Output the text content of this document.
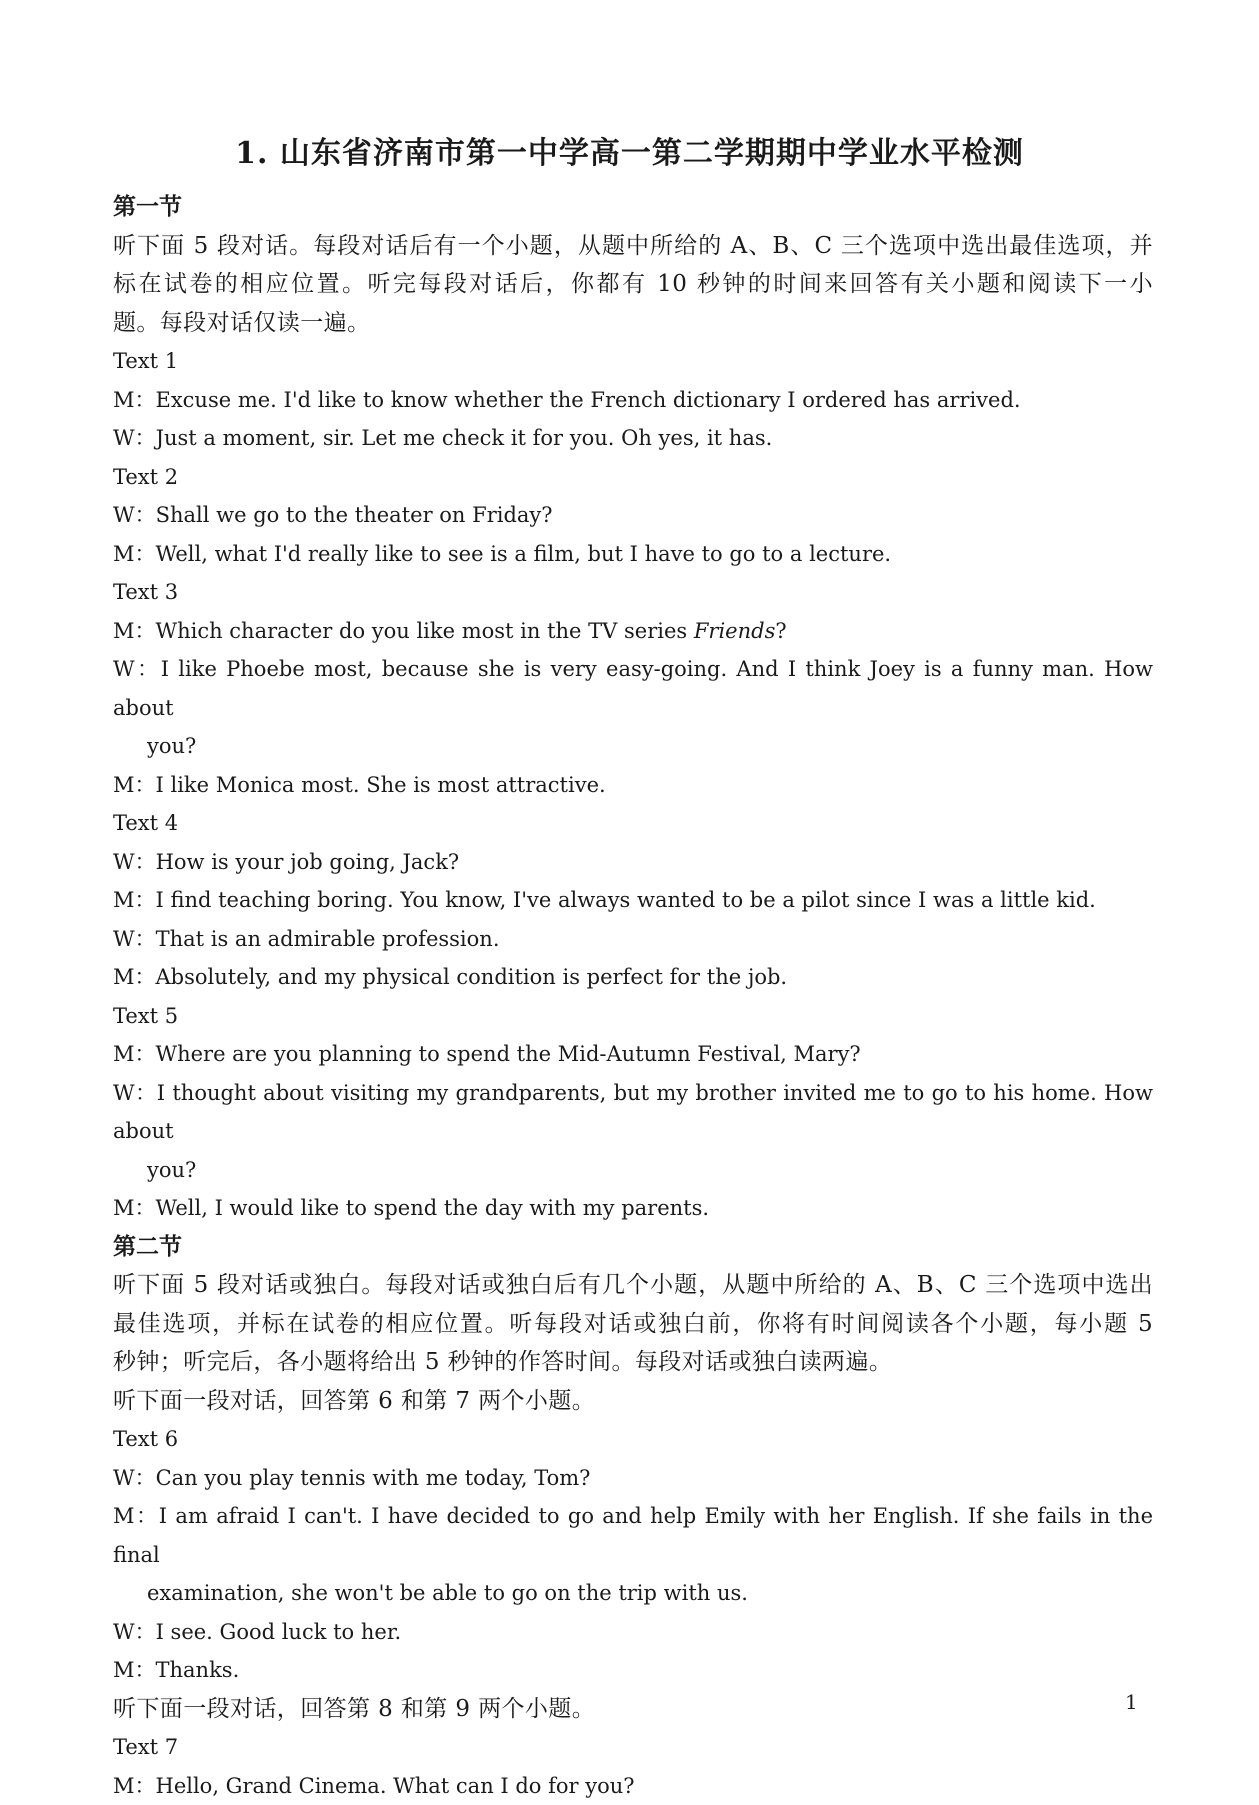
1. 山东省济南市第一中学高一第二学期期中学业水平检测
第一节
听下面 5 段对话。每段对话后有一个小题，从题中所给的 A、B、C 三个选项中选出最佳选项，并
标在试卷的相应位置。听完每段对话后，你都有 10 秒钟的时间来回答有关小题和阅读下一小
题。每段对话仅读一遍。
Text 1
M：Excuse me. I'd like to know whether the French dictionary I ordered has arrived.
W：Just a moment, sir. Let me check it for you. Oh yes, it has.
Text 2
W：Shall we go to the theater on Friday?
M：Well, what I'd really like to see is a film, but I have to go to a lecture.
Text 3
M：Which character do you like most in the TV series Friends?
W：I like Phoebe most, because she is very easy-going. And I think Joey is a funny man. How about
you?
M：I like Monica most. She is most attractive.
Text 4
W：How is your job going, Jack?
M：I find teaching boring. You know, I've always wanted to be a pilot since I was a little kid.
W：That is an admirable profession.
M：Absolutely, and my physical condition is perfect for the job.
Text 5
M：Where are you planning to spend the Mid-Autumn Festival, Mary?
W：I thought about visiting my grandparents, but my brother invited me to go to his home. How about
you?
M：Well, I would like to spend the day with my parents.
第二节
听下面 5 段对话或独白。每段对话或独白后有几个小题，从题中所给的 A、B、C 三个选项中选出
最佳选项，并标在试卷的相应位置。听每段对话或独白前，你将有时间阅读各个小题，每小题 5
秒钟；听完后，各小题将给出 5 秒钟的作答时间。每段对话或独白读两遍。
听下面一段对话，回答第 6 和第 7 两个小题。
Text 6
W：Can you play tennis with me today, Tom?
M：I am afraid I can't. I have decided to go and help Emily with her English. If she fails in the final
examination, she won't be able to go on the trip with us.
W：I see. Good luck to her.
M：Thanks.
听下面一段对话，回答第 8 和第 9 两个小题。
Text 7
M：Hello, Grand Cinema. What can I do for you?
1
